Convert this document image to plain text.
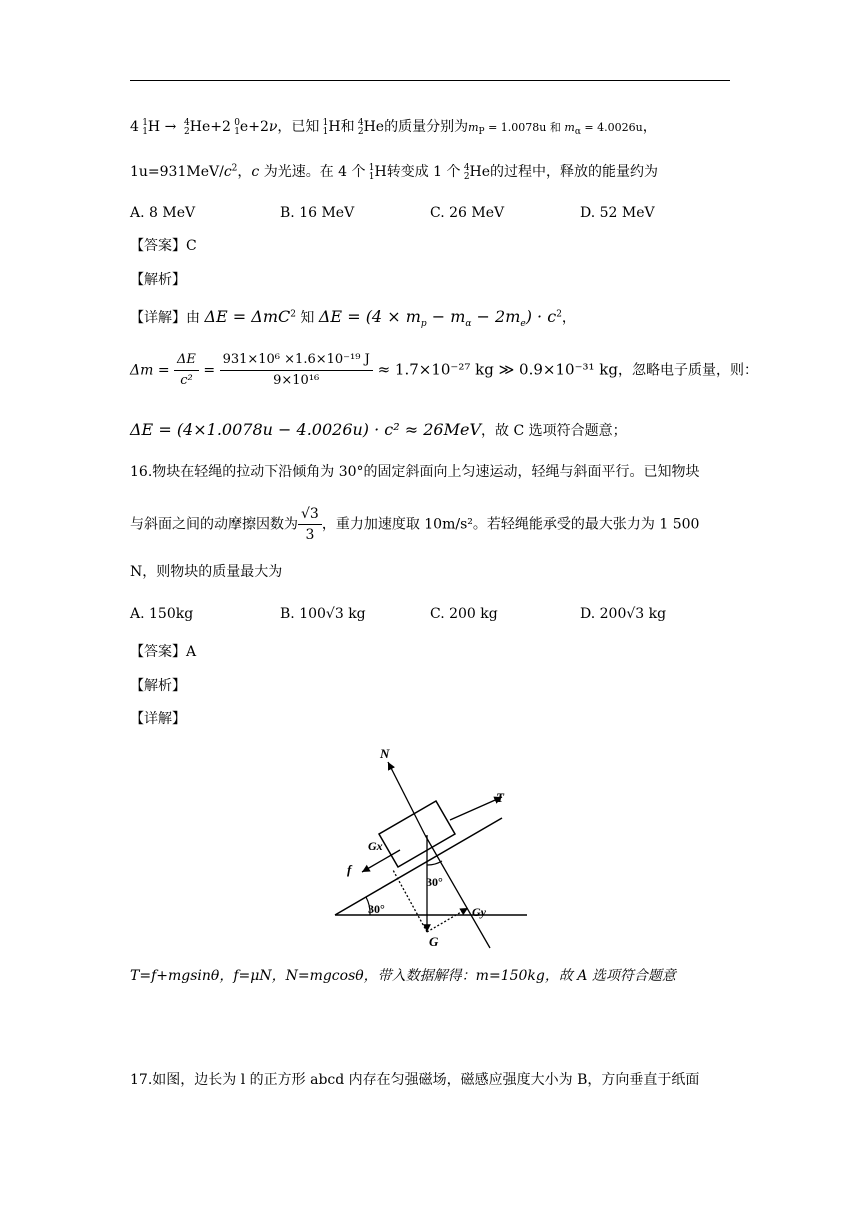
4 1
1 H → 4
2 He+2 0
1 e+2ν，已知 1
1 H和 4
2 He的质量分别为$m_P = 1.0078u$ 和 $m_\alpha = 4.0026u$，
$1u=931MeV/c^2$，c 为光速。在 4 个 1
1 H转变成 1 个 4
2 He的过程中，释放的能量约为
A. 8 MeV	B. 16 MeV	C. 26 MeV	D. 52 MeV
【答案】C
【解析】
【详解】由 ΔE = ΔmC$^2$ 知 $\Delta E = (4 \times m_p - m_\alpha - 2m_e) \cdot c^2$，
$\Delta m = \frac{\Delta E}{\text{c²}} = \frac{\text{931×10⁶ ×1.6×10⁻¹⁹ J}}{\text{9×10¹⁶}} \approx 1.7\times 10^{-27}$ kg ≫ 0.9×10⁻³¹ kg，忽略电子质量，则：
ΔE = (4×1.0078u − 4.0026u) · c² ≈ 26MeV，故 C 选项符合题意；
16.物块在轻绳的拉动下沿倾角为 30°的固定斜面向上匀速运动，轻绳与斜面平行。已知物块
与斜面之间的动摩擦因数为 $\frac{√3}{3}$ ，重力加速度取 10m/s²。若轻绳能承受的最大张力为 1 500
N，则物块的质量最大为
A. 150kg	B. 100√3 kg	C. 200 kg	D. 200√3 kg
【答案】A
【解析】
【详解】
N
T
Gx
f
30°
30°	Gy
G
T=f+mgsinθ，f=μN，N=mgcosθ，带入数据解得：m=150kg，故 A 选项符合题意
17.如图，边长为 l 的正方形 abcd 内存在匀强磁场，磁感应强度大小为 B，方向垂直于纸面
